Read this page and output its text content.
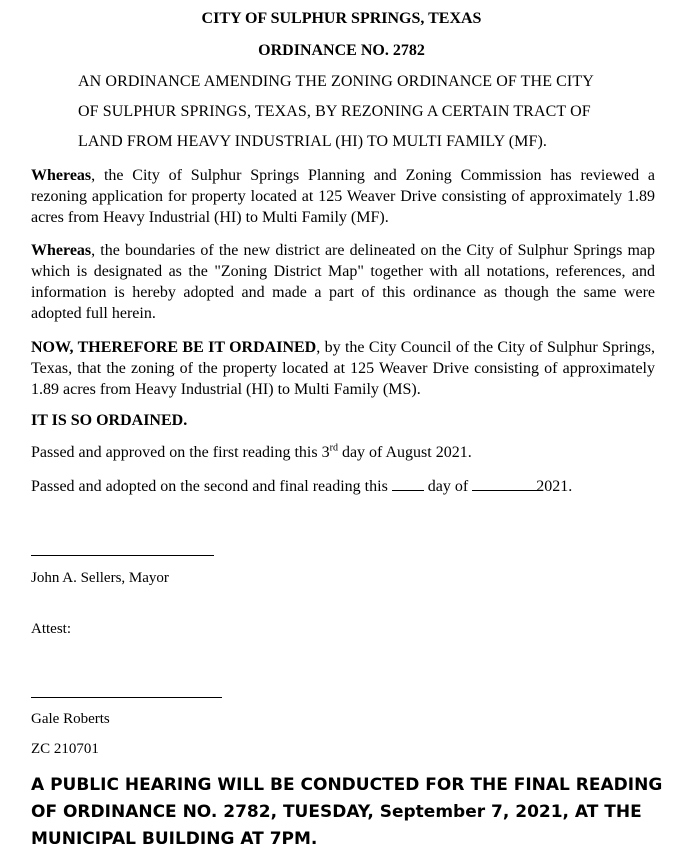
CITY OF SULPHUR SPRINGS, TEXAS
ORDINANCE NO. 2782
AN ORDINANCE AMENDING THE ZONING ORDINANCE OF THE CITY
OF SULPHUR SPRINGS, TEXAS, BY REZONING A CERTAIN TRACT OF
LAND FROM HEAVY INDUSTRIAL (HI) TO MULTI FAMILY (MF).
Whereas, the City of Sulphur Springs Planning and Zoning Commission has reviewed a rezoning application for property located at 125 Weaver Drive consisting of approximately 1.89 acres from Heavy Industrial (HI) to Multi Family (MF).
Whereas, the boundaries of the new district are delineated on the City of Sulphur Springs map which is designated as the "Zoning District Map" together with all notations, references, and information is hereby adopted and made a part of this ordinance as though the same were adopted full herein.
NOW, THEREFORE BE IT ORDAINED, by the City Council of the City of Sulphur Springs, Texas, that the zoning of the property located at 125 Weaver Drive consisting of approximately 1.89 acres from Heavy Industrial (HI) to Multi Family (MS).
IT IS SO ORDAINED.
Passed and approved on the first reading this 3rd day of August 2021.
Passed and adopted on the second and final reading this	day of	2021.
John A. Sellers, Mayor
Attest:
Gale Roberts
ZC 210701
A PUBLIC HEARING WILL BE CONDUCTED FOR THE FINAL READING OF ORDINANCE NO. 2782, TUESDAY, September 7, 2021, AT THE MUNICIPAL BUILDING AT 7PM.
